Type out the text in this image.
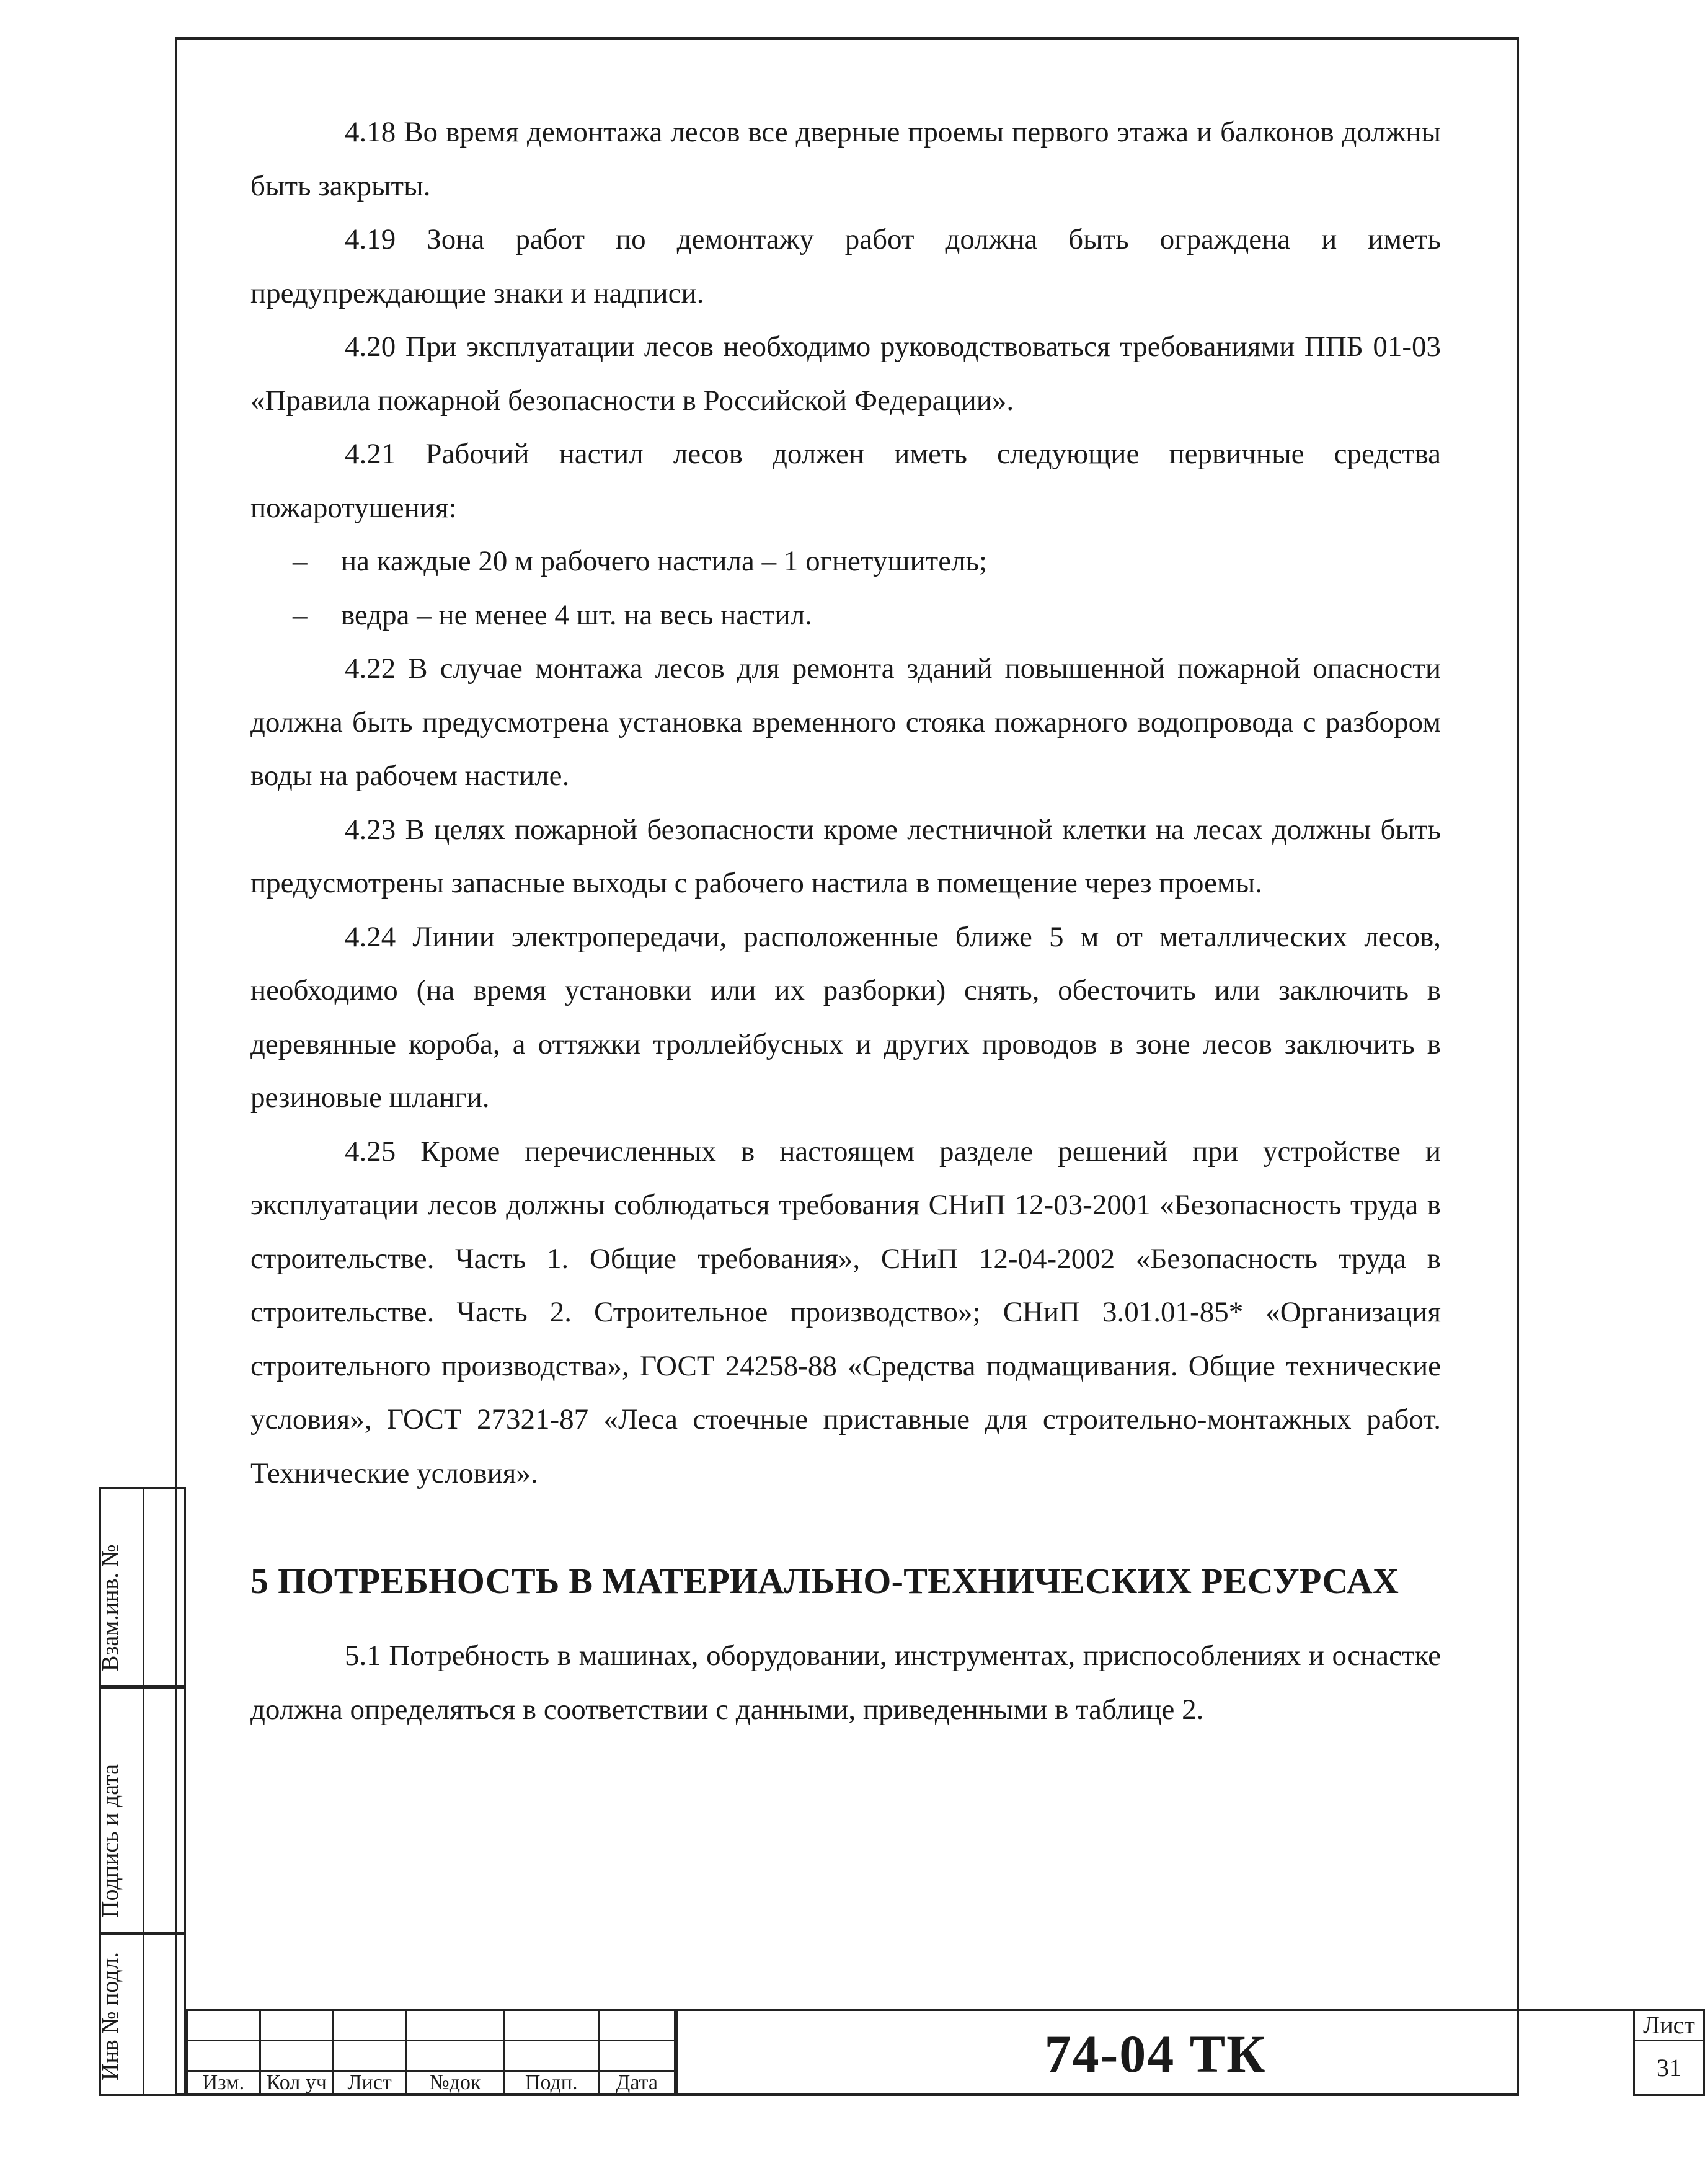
4.18 Во время демонтажа лесов все дверные проемы первого этажа и балконов должны быть закрыты.

4.19 Зона работ по демонтажу работ должна быть ограждена и иметь предупреждающие знаки и надписи.

4.20 При эксплуатации лесов необходимо руководствоваться требованиями ППБ 01-03 «Правила пожарной безопасности в Российской Федерации».

4.21 Рабочий настил лесов должен иметь следующие первичные средства пожаротушения:

– на каждые 20 м рабочего настила – 1 огнетушитель;

– ведра – не менее 4 шт. на весь настил.

4.22 В случае монтажа лесов для ремонта зданий повышенной пожарной опасности должна быть предусмотрена установка временного стояка пожарного водопровода с разбором воды на рабочем настиле.

4.23 В целях пожарной безопасности кроме лестничной клетки на лесах должны быть предусмотрены запасные выходы с рабочего настила в помещение через проемы.

4.24 Линии электропередачи, расположенные ближе 5 м от металлических лесов, необходимо (на время установки или их разборки) снять, обесточить или заключить в деревянные короба, а оттяжки троллейбусных и других проводов в зоне лесов заключить в резиновые шланги.

4.25 Кроме перечисленных в настоящем разделе решений при устройстве и эксплуатации лесов должны соблюдаться требования СНиП 12-03-2001 «Безопасность труда в строительстве. Часть 1. Общие требования», СНиП 12-04-2002 «Безопасность труда в строительстве. Часть 2. Строительное производство»; СНиП 3.01.01-85* «Организация строительного производства», ГОСТ 24258-88 «Средства подмащивания. Общие технические условия», ГОСТ 27321-87 «Леса стоечные приставные для строительно-монтажных работ. Технические условия».

5 ПОТРЕБНОСТЬ В МАТЕРИАЛЬНО-ТЕХНИЧЕСКИХ РЕСУРСАХ

5.1 Потребность в машинах, оборудовании, инструментах, приспособлениях и оснастке должна определяться в соответствии с данными, приведенными в таблице 2.

Взам.инв. №
Подпись и дата
Инв № подл.

Изм.	Кол уч	Лист	№док	Подп.	Дата	74-04 ТК	Лист
31
